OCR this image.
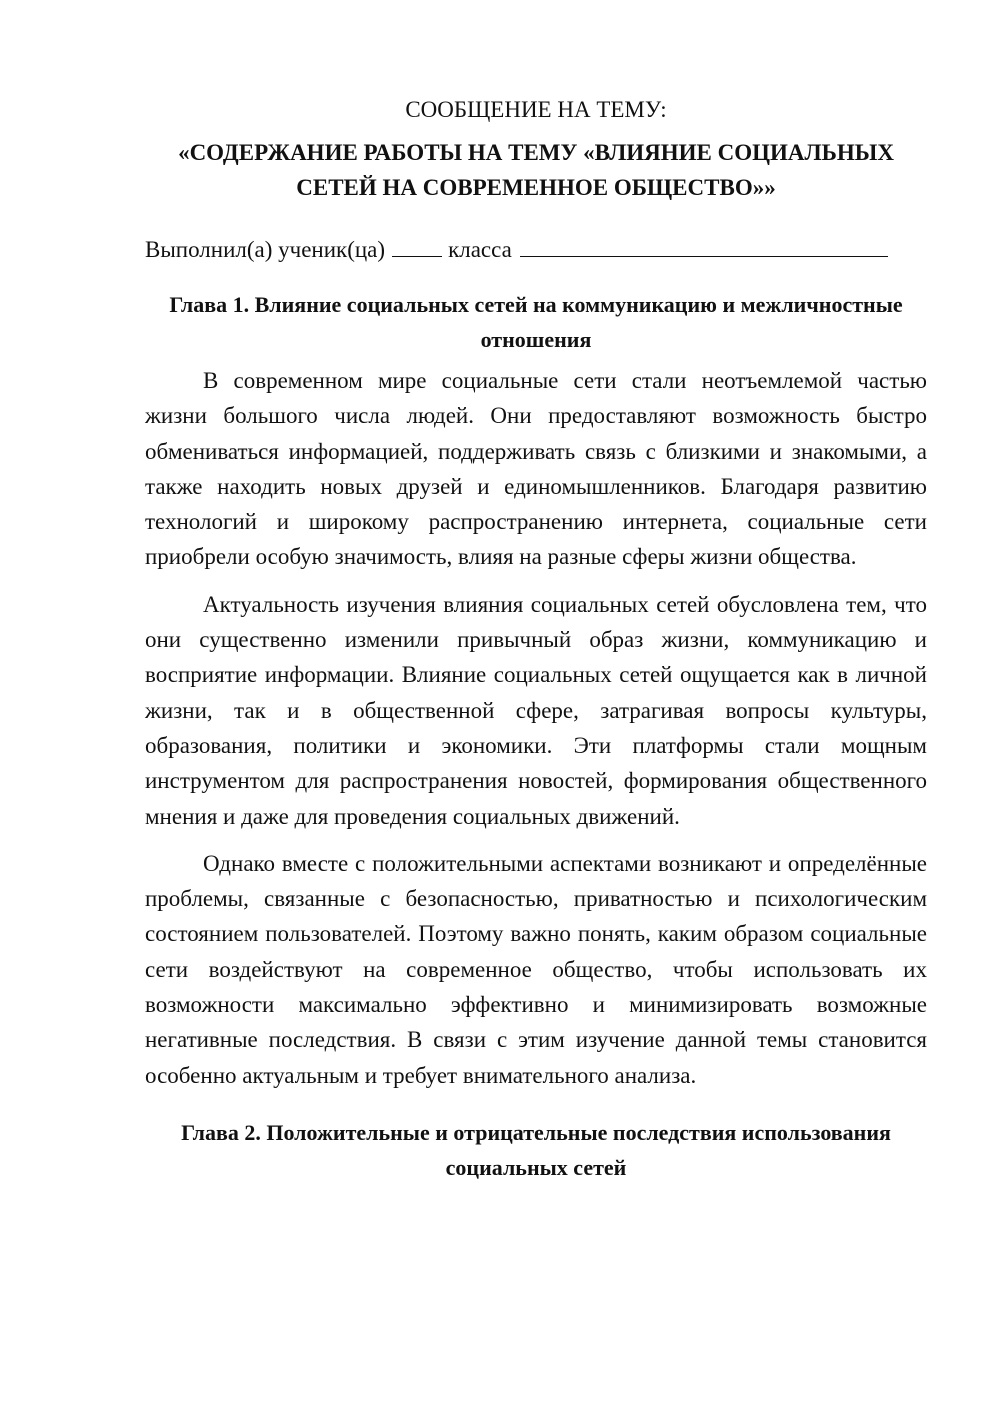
СООБЩЕНИЕ НА ТЕМУ:

«СОДЕРЖАНИЕ РАБОТЫ НА ТЕМУ «ВЛИЯНИЕ СОЦИАЛЬНЫХ СЕТЕЙ НА СОВРЕМЕННОЕ ОБЩЕСТВО»»

Выполнил(а) ученик(ца)	класса

Глава 1. Влияние социальных сетей на коммуникацию и межличностные отношения

В современном мире социальные сети стали неотъемлемой частью жизни большого числа людей. Они предоставляют возможность быстро обмениваться информацией, поддерживать связь с близкими и знакомыми, а также находить новых друзей и единомышленников. Благодаря развитию технологий и широкому распространению интернета, социальные сети приобрели особую значимость, влияя на разные сферы жизни общества.

Актуальность изучения влияния социальных сетей обусловлена тем, что они существенно изменили привычный образ жизни, коммуникацию и восприятие информации. Влияние социальных сетей ощущается как в личной жизни, так и в общественной сфере, затрагивая вопросы культуры, образования, политики и экономики. Эти платформы стали мощным инструментом для распространения новостей, формирования общественного мнения и даже для проведения социальных движений.

Однако вместе с положительными аспектами возникают и определённые проблемы, связанные с безопасностью, приватностью и психологическим состоянием пользователей. Поэтому важно понять, каким образом социальные сети воздействуют на современное общество, чтобы использовать их возможности максимально эффективно и минимизировать возможные негативные последствия. В связи с этим изучение данной темы становится особенно актуальным и требует внимательного анализа.

Глава 2. Положительные и отрицательные последствия использования социальных сетей
